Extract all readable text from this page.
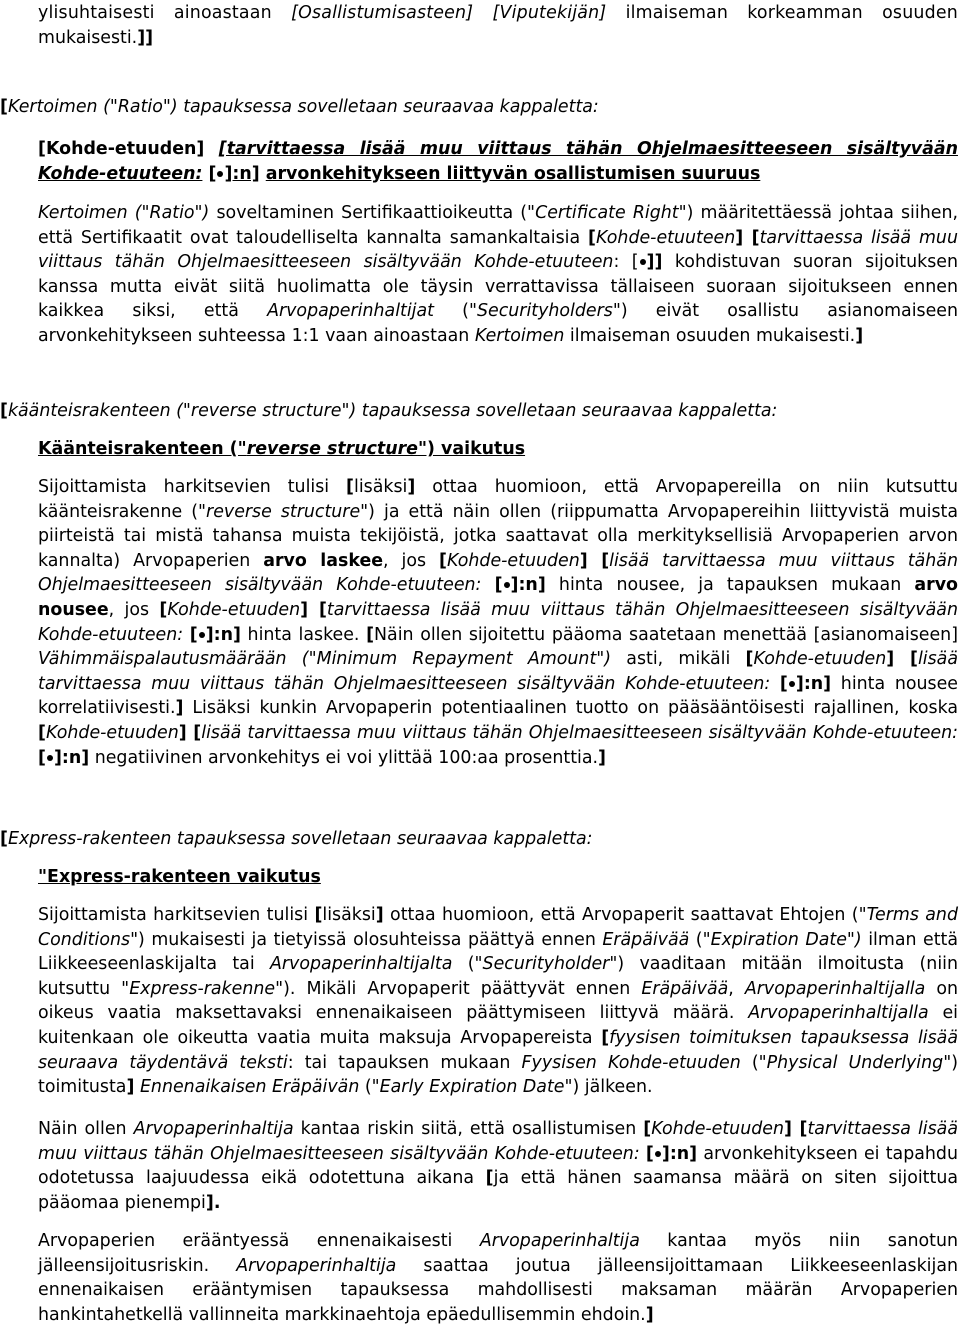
ylisuhtaisesti ainoastaan [Osallistumisasteen] [Viputekijän] ilmaiseman korkeamman osuuden

mukaisesti.]]

[Kertoimen ("Ratio") tapauksessa sovelletaan seuraavaa kappaletta:

[Kohde-etuuden] [tarvittaessa lisää muu viittaus tähän Ohjelmaesitteeseen sisältyvään Kohde-etuuteen: [ ]:n] arvonkehitykseen liittyvän osallistumisen suuruus

Kertoimen ("Ratio") soveltaminen Sertifikaattioikeutta ("Certificate Right") määritettäessä johtaa siihen, että Sertifikaatit ovat taloudelliselta kannalta samankaltaisia [Kohde-etuuteen] [tarvittaessa lisää muu viittaus tähän Ohjelmaesitteeseen sisältyvään Kohde-etuuteen: [ ]] kohdistuvan suoran sijoituksen kanssa mutta eivät siitä huolimatta ole täysin verrattavissa tällaiseen suoraan sijoitukseen ennen kaikkea siksi, että Arvopaperinhaltijat ("Securityholders") eivät osallistu asianomaiseen arvonkehitykseen suhteessa 1:1 vaan ainoastaan Kertoimen ilmaiseman osuuden mukaisesti.]

[käänteisrakenteen ("reverse structure") tapauksessa sovelletaan seuraavaa kappaletta:

Käänteisrakenteen ("reverse structure") vaikutus

Sijoittamista harkitsevien tulisi [lisäksi] ottaa huomioon, että Arvopapereilla on niin kutsuttu käänteisrakenne ("reverse structure") ja että näin ollen (riippumatta Arvopapereihin liittyvistä muista piirteistä tai mistä tahansa muista tekijöistä, jotka saattavat olla merkityksellisiä Arvopaperien arvon kannalta) Arvopaperien arvo laskee, jos [Kohde-etuuden] [lisää tarvittaessa muu viittaus tähän Ohjelmaesitteeseen sisältyvään Kohde-etuuteen: [ ]:n] hinta nousee, ja tapauksen mukaan arvo nousee, jos [Kohde-etuuden] [tarvittaessa lisää muu viittaus tähän Ohjelmaesitteeseen sisältyvään Kohde-etuuteen: [ ]:n] hinta laskee. [Näin ollen sijoitettu pääoma saatetaan menettää [asianomaiseen] Vähimmäispalautusmäärään ("Minimum Repayment Amount") asti, mikäli [Kohde-etuuden] [lisää tarvittaessa muu viittaus tähän Ohjelmaesitteeseen sisältyvään Kohde-etuuteen: [ ]:n] hinta nousee korrelatiivisesti.] Lisäksi kunkin Arvopaperin potentiaalinen tuotto on pääsääntöisesti rajallinen, koska [Kohde-etuuden] [lisää tarvittaessa muu viittaus tähän Ohjelmaesitteeseen sisältyvään Kohde-etuuteen: [ ]:n] negatiivinen arvonkehitys ei voi ylittää 100:aa prosenttia.]

[Express-rakenteen tapauksessa sovelletaan seuraavaa kappaletta:

"Express-rakenteen vaikutus

Sijoittamista harkitsevien tulisi [lisäksi] ottaa huomioon, että Arvopaperit saattavat Ehtojen ("Terms and Conditions") mukaisesti ja tietyissä olosuhteissa päättyä ennen Eräpäivää ("Expiration Date") ilman että Liikkeeseenlaskijalta tai Arvopaperinhaltijalta ("Securityholder") vaaditaan mitään ilmoitusta (niin kutsuttu "Express-rakenne"). Mikäli Arvopaperit päättyvät ennen Eräpäivää, Arvopaperinhaltijalla on oikeus vaatia maksettavaksi ennenaikaiseen päättymiseen liittyvä määrä. Arvopaperinhaltijalla ei kuitenkaan ole oikeutta vaatia muita maksuja Arvopapereista [fyysisen toimituksen tapauksessa lisää seuraava täydentävä teksti: tai tapauksen mukaan Fyysisen Kohde-etuuden ("Physical Underlying") toimitusta] Ennenaikaisen Eräpäivän ("Early Expiration Date") jälkeen.

Näin ollen Arvopaperinhaltija kantaa riskin siitä, että osallistumisen [Kohde-etuuden] [tarvittaessa lisää muu viittaus tähän Ohjelmaesitteeseen sisältyvään Kohde-etuuteen: [ ]:n] arvonkehitykseen ei tapahdu odotetussa laajuudessa eikä odotettuna aikana [ja että hänen saamansa määrä on siten sijoittua pääomaa pienempi].

Arvopaperien erääntyessä ennenaikaisesti Arvopaperinhaltija kantaa myös niin sanotun jälleensijoitusriskin. Arvopaperinhaltija saattaa joutua jälleensijoittamaan Liikkeeseenlaskijan ennenaikaisen erääntymisen tapauksessa mahdollisesti maksaman määrän Arvopaperien hankintahetkellä vallinneita markkinaehtoja epäedullisemmin ehdoin.]
